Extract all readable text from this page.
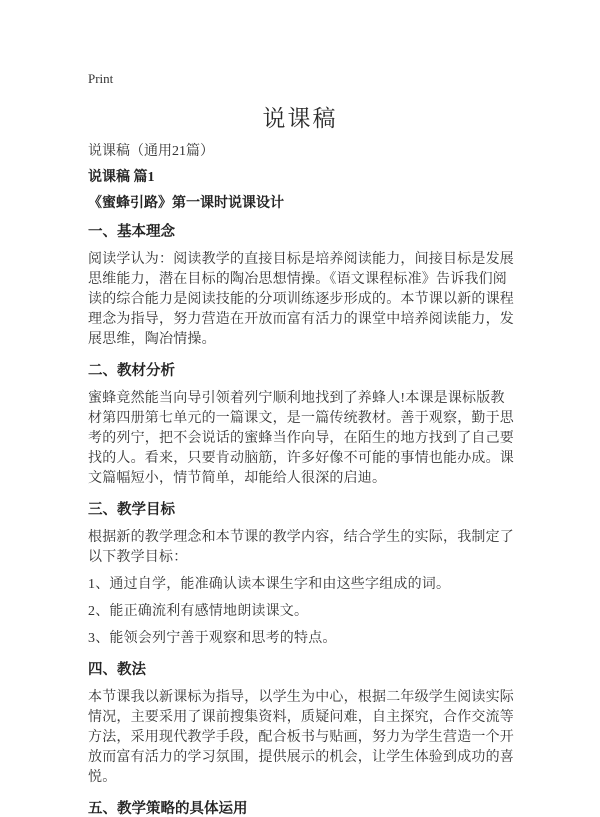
Print
说课稿
说课稿（通用21篇）
说课稿 篇1
《蜜蜂引路》第一课时说课设计
一、基本理念

阅读学认为：阅读教学的直接目标是培养阅读能力，间接目标是发展思维能力，潜在目标的陶冶思想情操。《语文课程标准》告诉我们阅读的综合能力是阅读技能的分项训练逐步形成的。本节课以新的课程理念为指导，努力营造在开放而富有活力的课堂中培养阅读能力，发展思维，陶冶情操。

二、教材分析

蜜蜂竟然能当向导引领着列宁顺利地找到了养蜂人!本课是课标版教材第四册第七单元的一篇课文，是一篇传统教材。善于观察，勤于思考的列宁，把不会说话的蜜蜂当作向导，在陌生的地方找到了自己要找的人。看来，只要肯动脑筋，许多好像不可能的事情也能办成。课文篇幅短小，情节简单，却能给人很深的启迪。

三、教学目标

根据新的教学理念和本节课的教学内容，结合学生的实际，我制定了以下教学目标：

1、通过自学，能准确认读本课生字和由这些字组成的词。

2、能正确流利有感情地朗读课文。

3、能领会列宁善于观察和思考的特点。

四、教法

本节课我以新课标为指导，以学生为中心，根据二年级学生阅读实际情况，主要采用了课前搜集资料，质疑问难，自主探究，合作交流等方法，采用现代教学手段，配合板书与贴画，努力为学生营造一个开放而富有活力的学习氛围，提供展示的机会，让学生体验到成功的喜悦。

五、教学策略的具体运用
